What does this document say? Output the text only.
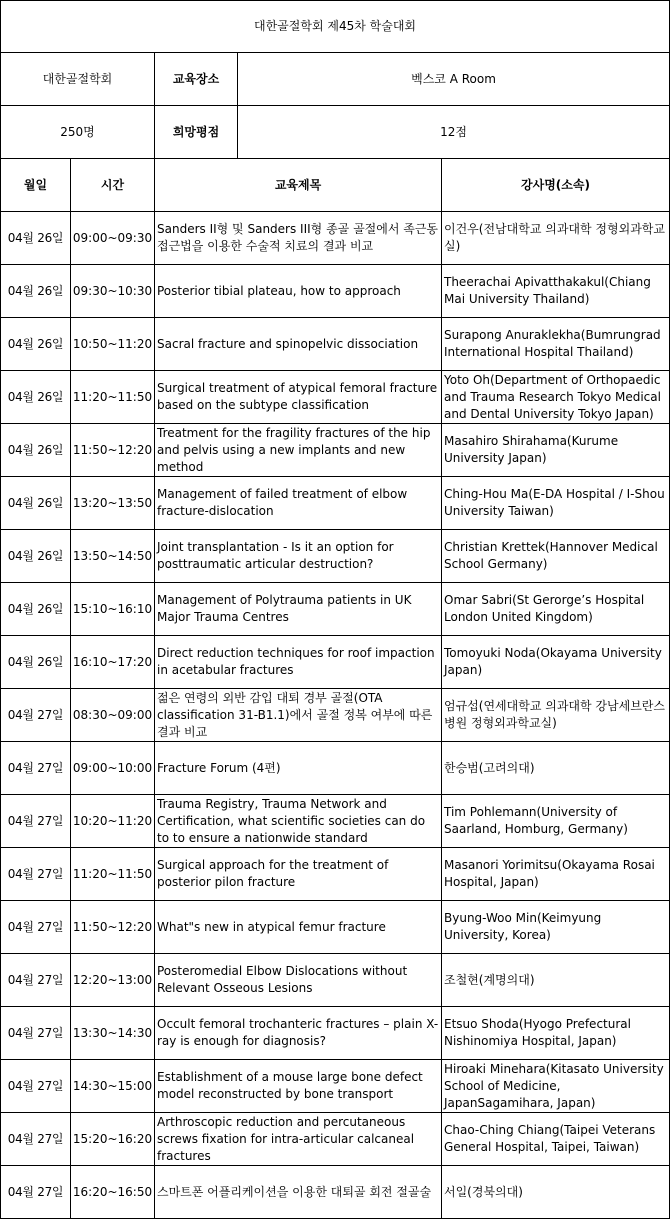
대한골절학회 제45차 학술대회		
대한골절학회	교육장소	벡스코 A Room
250명	희망평점	12점
월일	시간	교육제목	강사명(소속)
04월 26일	09:00~09:30	Sanders II형 및 Sanders III형 종골 골절에서 족근동 접근법을 이용한 수술적 치료의 결과 비교	이건우(전남대학교 의과대학 정형외과학교실)
04월 26일	09:30~10:30	Posterior tibial plateau, how to approach	Theerachai Apivatthakakul(Chiang Mai University Thailand)
04월 26일	10:50~11:20	Sacral fracture and spinopelvic dissociation	Surapong Anuraklekha(Bumrungrad International Hospital Thailand)
04월 26일	11:20~11:50	Surgical treatment of atypical femoral fracture based on the subtype classification	Yoto Oh(Department of Orthopaedic and Trauma Research Tokyo Medical and Dental University Tokyo Japan)
04월 26일	11:50~12:20	Treatment for the fragility fractures of the hip and pelvis using a new implants and new method	Masahiro Shirahama(Kurume University Japan)
04월 26일	13:20~13:50	Management of failed treatment of elbow fracture-dislocation	Ching-Hou Ma(E-DA Hospital / I-Shou University Taiwan)
04월 26일	13:50~14:50	Joint transplantation - Is it an option for posttraumatic articular destruction?	Christian Krettek(Hannover Medical School Germany)
04월 26일	15:10~16:10	Management of Polytrauma patients in UK Major Trauma Centres	Omar Sabri(St Gerorge’s Hospital London United Kingdom)
04월 26일	16:10~17:20	Direct reduction techniques for roof impaction in acetabular fractures	Tomoyuki Noda(Okayama University Japan)
04월 27일	08:30~09:00	젊은 연령의 외반 감입 대퇴 경부 골절(OTA classification 31-B1.1)에서 골절 정복 여부에 따른 결과 비교	엄규섭(연세대학교 의과대학 강남세브란스병원 정형외과학교실)
04월 27일	09:00~10:00	Fracture Forum (4편)	한승범(고려의대)
04월 27일	10:20~11:20	Trauma Registry, Trauma Network and Certification, what scientific societies can do to to ensure a nationwide standard	Tim Pohlemann(University of Saarland, Homburg, Germany)
04월 27일	11:20~11:50	Surgical approach for the treatment of posterior pilon fracture	Masanori Yorimitsu(Okayama Rosai Hospital, Japan)
04월 27일	11:50~12:20	What"s new in atypical femur fracture	Byung-Woo Min(Keimyung University, Korea)
04월 27일	12:20~13:00	Posteromedial Elbow Dislocations without Relevant Osseous Lesions	조철현(계명의대)
04월 27일	13:30~14:30	Occult femoral trochanteric fractures – plain X-ray is enough for diagnosis?	Etsuo Shoda(Hyogo Prefectural Nishinomiya Hospital, Japan)
04월 27일	14:30~15:00	Establishment of a mouse large bone defect model reconstructed by bone transport	Hiroaki Minehara(Kitasato University School of Medicine, JapanSagamihara, Japan)
04월 27일	15:20~16:20	Arthroscopic reduction and percutaneous screws fixation for intra-articular calcaneal fractures	Chao-Ching Chiang(Taipei Veterans General Hospital, Taipei, Taiwan)
04월 27일	16:20~16:50	스마트폰 어플리케이션을 이용한 대퇴골 회전 절골술	서일(경북의대)
